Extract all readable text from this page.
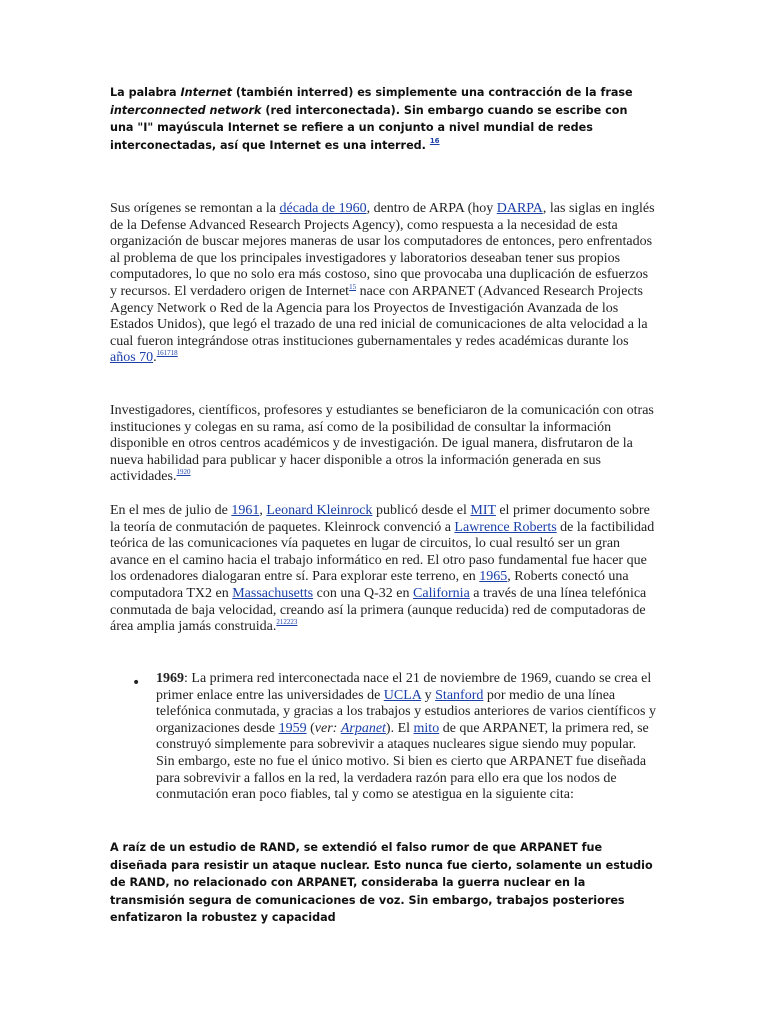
La palabra Internet (también interred) es simplemente una contracción de la frase interconnected network (red interconectada). Sin embargo cuando se escribe con una "I" mayúscula Internet se refiere a un conjunto a nivel mundial de redes interconectadas, así que Internet es una interred. $^{16}$

Sus orígenes se remontan a la década de 1960, dentro de ARPA (hoy DARPA, las siglas en inglés de la Defense Advanced Research Projects Agency), como respuesta a la necesidad de esta organización de buscar mejores maneras de usar los computadores de entonces, pero enfrentados al problema de que los principales investigadores y laboratorios deseaban tener sus propios computadores, lo que no solo era más costoso, sino que provocaba una duplicación de esfuerzos y recursos. El verdadero origen de Internet$^{15}$ nace con ARPANET (Advanced Research Projects Agency Network o Red de la Agencia para los Proyectos de Investigación Avanzada de los Estados Unidos), que legó el trazado de una red inicial de comunicaciones de alta velocidad a la cual fueron integrándose otras instituciones gubernamentales y redes académicas durante los años 70.$^{161718}$

Investigadores, científicos, profesores y estudiantes se beneficiaron de la comunicación con otras instituciones y colegas en su rama, así como de la posibilidad de consultar la información disponible en otros centros académicos y de investigación. De igual manera, disfrutaron de la nueva habilidad para publicar y hacer disponible a otros la información generada en sus actividades.$^{1920}$

En el mes de julio de 1961, Leonard Kleinrock publicó desde el MIT el primer documento sobre la teoría de conmutación de paquetes. Kleinrock convenció a Lawrence Roberts de la factibilidad teórica de las comunicaciones vía paquetes en lugar de circuitos, lo cual resultó ser un gran avance en el camino hacia el trabajo informático en red. El otro paso fundamental fue hacer que los ordenadores dialogaran entre sí. Para explorar este terreno, en 1965, Roberts conectó una computadora TX2 en Massachusetts con una Q-32 en California a través de una línea telefónica conmutada de baja velocidad, creando así la primera (aunque reducida) red de computadoras de área amplia jamás construida.$^{212223}$

• 1969: La primera red interconectada nace el 21 de noviembre de 1969, cuando se crea el primer enlace entre las universidades de UCLA y Stanford por medio de una línea telefónica conmutada, y gracias a los trabajos y estudios anteriores de varios científicos y organizaciones desde 1959 (ver: Arpanet). El mito de que ARPANET, la primera red, se construyó simplemente para sobrevivir a ataques nucleares sigue siendo muy popular. Sin embargo, este no fue el único motivo. Si bien es cierto que ARPANET fue diseñada para sobrevivir a fallos en la red, la verdadera razón para ello era que los nodos de conmutación eran poco fiables, tal y como se atestigua en la siguiente cita:

A raíz de un estudio de RAND, se extendió el falso rumor de que ARPANET fue diseñada para resistir un ataque nuclear. Esto nunca fue cierto, solamente un estudio de RAND, no relacionado con ARPANET, consideraba la guerra nuclear en la transmisión segura de comunicaciones de voz. Sin embargo, trabajos posteriores enfatizaron la robustez y capacidad
